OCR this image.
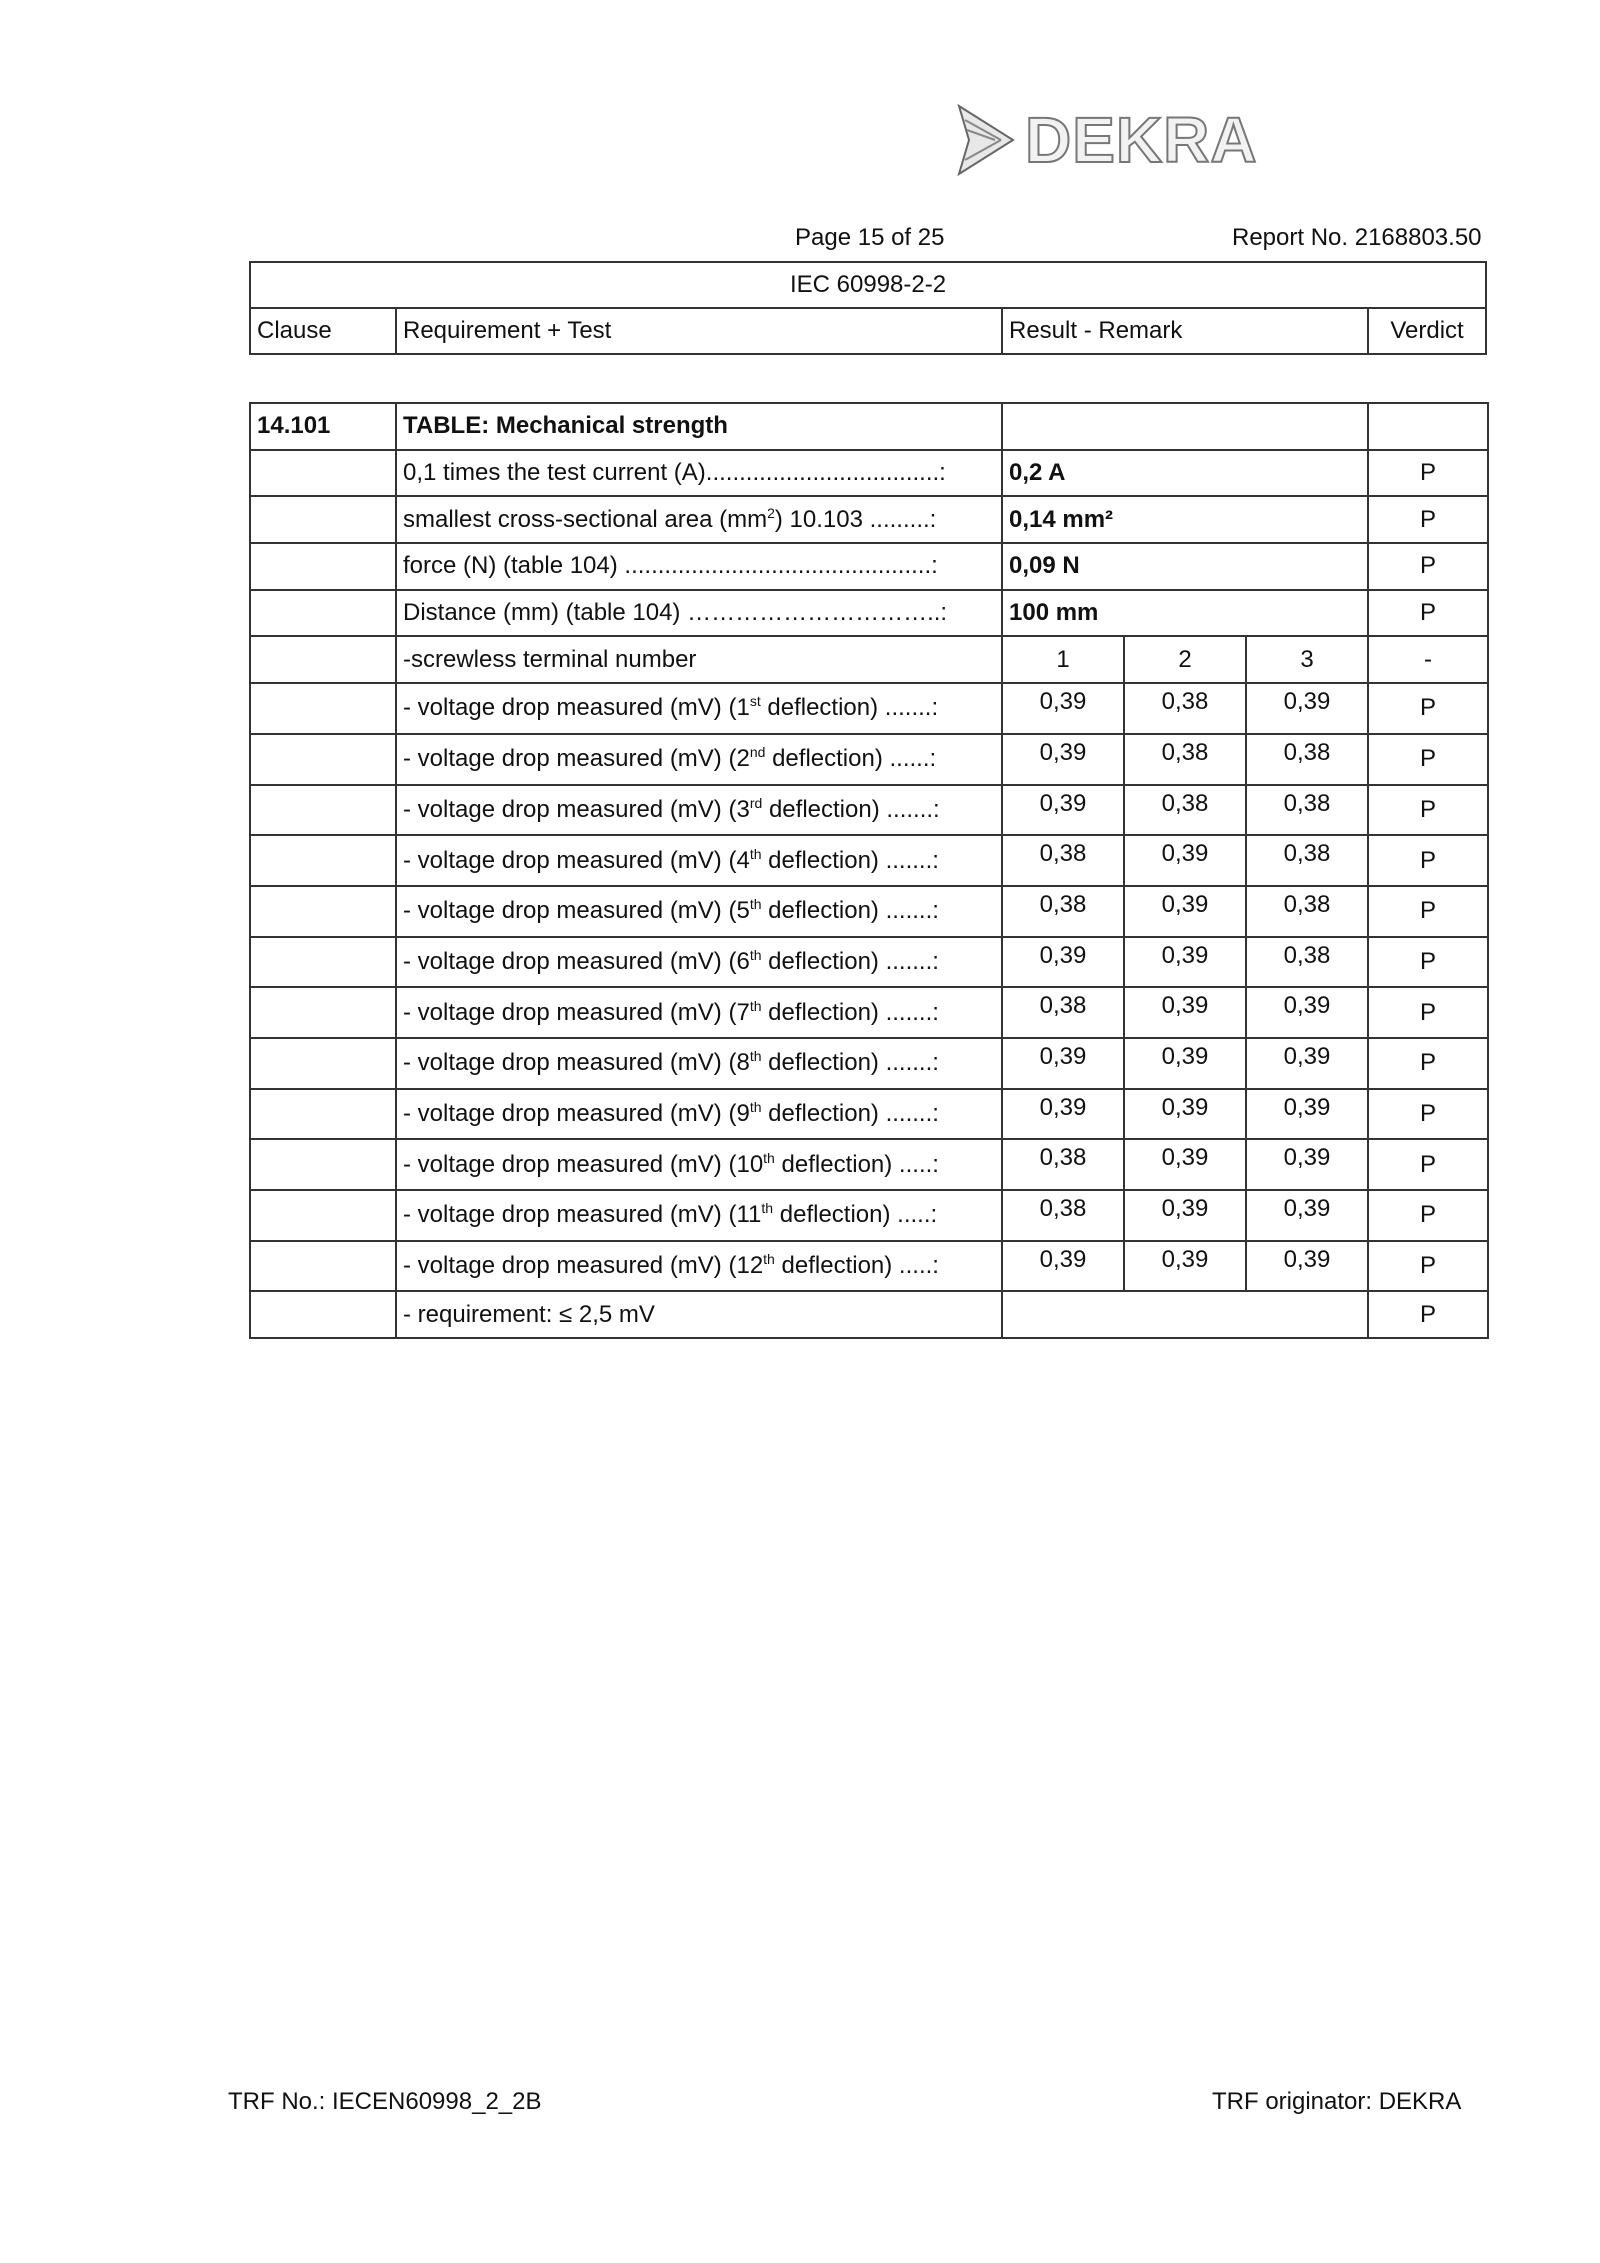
DEKRA
Page 15 of 25	Report No. 2168803.50
IEC 60998-2-2
Clause	Requirement + Test	Result - Remark	Verdict
14.101	TABLE: Mechanical strength				
	0,1 times the test current (A)...................................:	0,2 A			P
	smallest cross-sectional area $(mm^2)$ 10.103 .........:	0,14 mm²			P
	force (N) (table 104) ..............................................:	0,09 N			P
	Distance (mm) (table 104) …………………………..:	100 mm			P
	-screwless terminal number	1	2	3	-
	- voltage drop measured (mV) (1st deflection) .......:	0,39	0,38	0,39	P
	- voltage drop measured (mV) (2nd deflection) ......:	0,39	0,38	0,38	P
	- voltage drop measured (mV) (3rd deflection) .......:	0,39	0,38	0,38	P
	- voltage drop measured (mV) (4th deflection) .......:	0,38	0,39	0,38	P
	- voltage drop measured (mV) (5th deflection) .......:	0,38	0,39	0,38	P
	- voltage drop measured (mV) (6th deflection) .......:	0,39	0,39	0,38	P
	- voltage drop measured (mV) (7th deflection) .......:	0,38	0,39	0,39	P
	- voltage drop measured (mV) (8th deflection) .......:	0,39	0,39	0,39	P
	- voltage drop measured (mV) (9th deflection) .......:	0,39	0,39	0,39	P
	- voltage drop measured (mV) (10th deflection) .....:	0,38	0,39	0,39	P
	- voltage drop measured (mV) (11th deflection) .....:	0,38	0,39	0,39	P
	- voltage drop measured (mV) (12th deflection) .....:	0,39	0,39	0,39	P
	- requirement: ≤ 2,5 mV				P
TRF No.: IECEN60998_2_2B	TRF originator: DEKRA
